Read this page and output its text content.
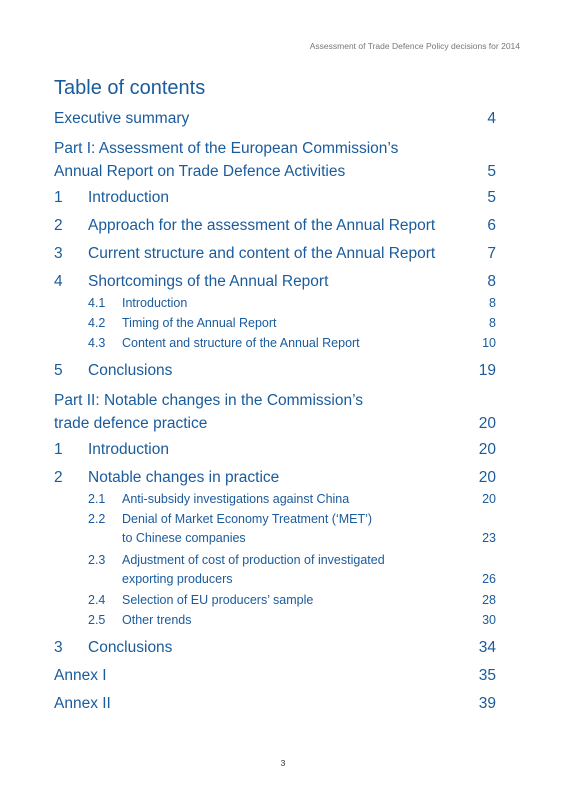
Assessment of Trade Defence Policy decisions for 2014
Table of contents
Executive summary	4
Part I: Assessment of the European Commission’s
Annual Report on Trade Defence Activities	5
1	Introduction	5
2	Approach for the assessment of the Annual Report	6
3	Current structure and content of the Annual Report	7
4	Shortcomings of the Annual Report	8
4.1	Introduction	8
4.2	Timing of the Annual Report	8
4.3	Content and structure of the Annual Report	10
5	Conclusions	19
Part II: Notable changes in the Commission’s
trade defence practice	20
1	Introduction	20
2	Notable changes in practice	20
2.1	Anti-subsidy investigations against China	20
2.2	Denial of Market Economy Treatment (‘MET’)
to Chinese companies	23
2.3	Adjustment of cost of production of investigated
exporting producers	26
2.4	Selection of EU producers’ sample	28
2.5	Other trends	30
3	Conclusions	34
Annex I	35
Annex II	39
3
